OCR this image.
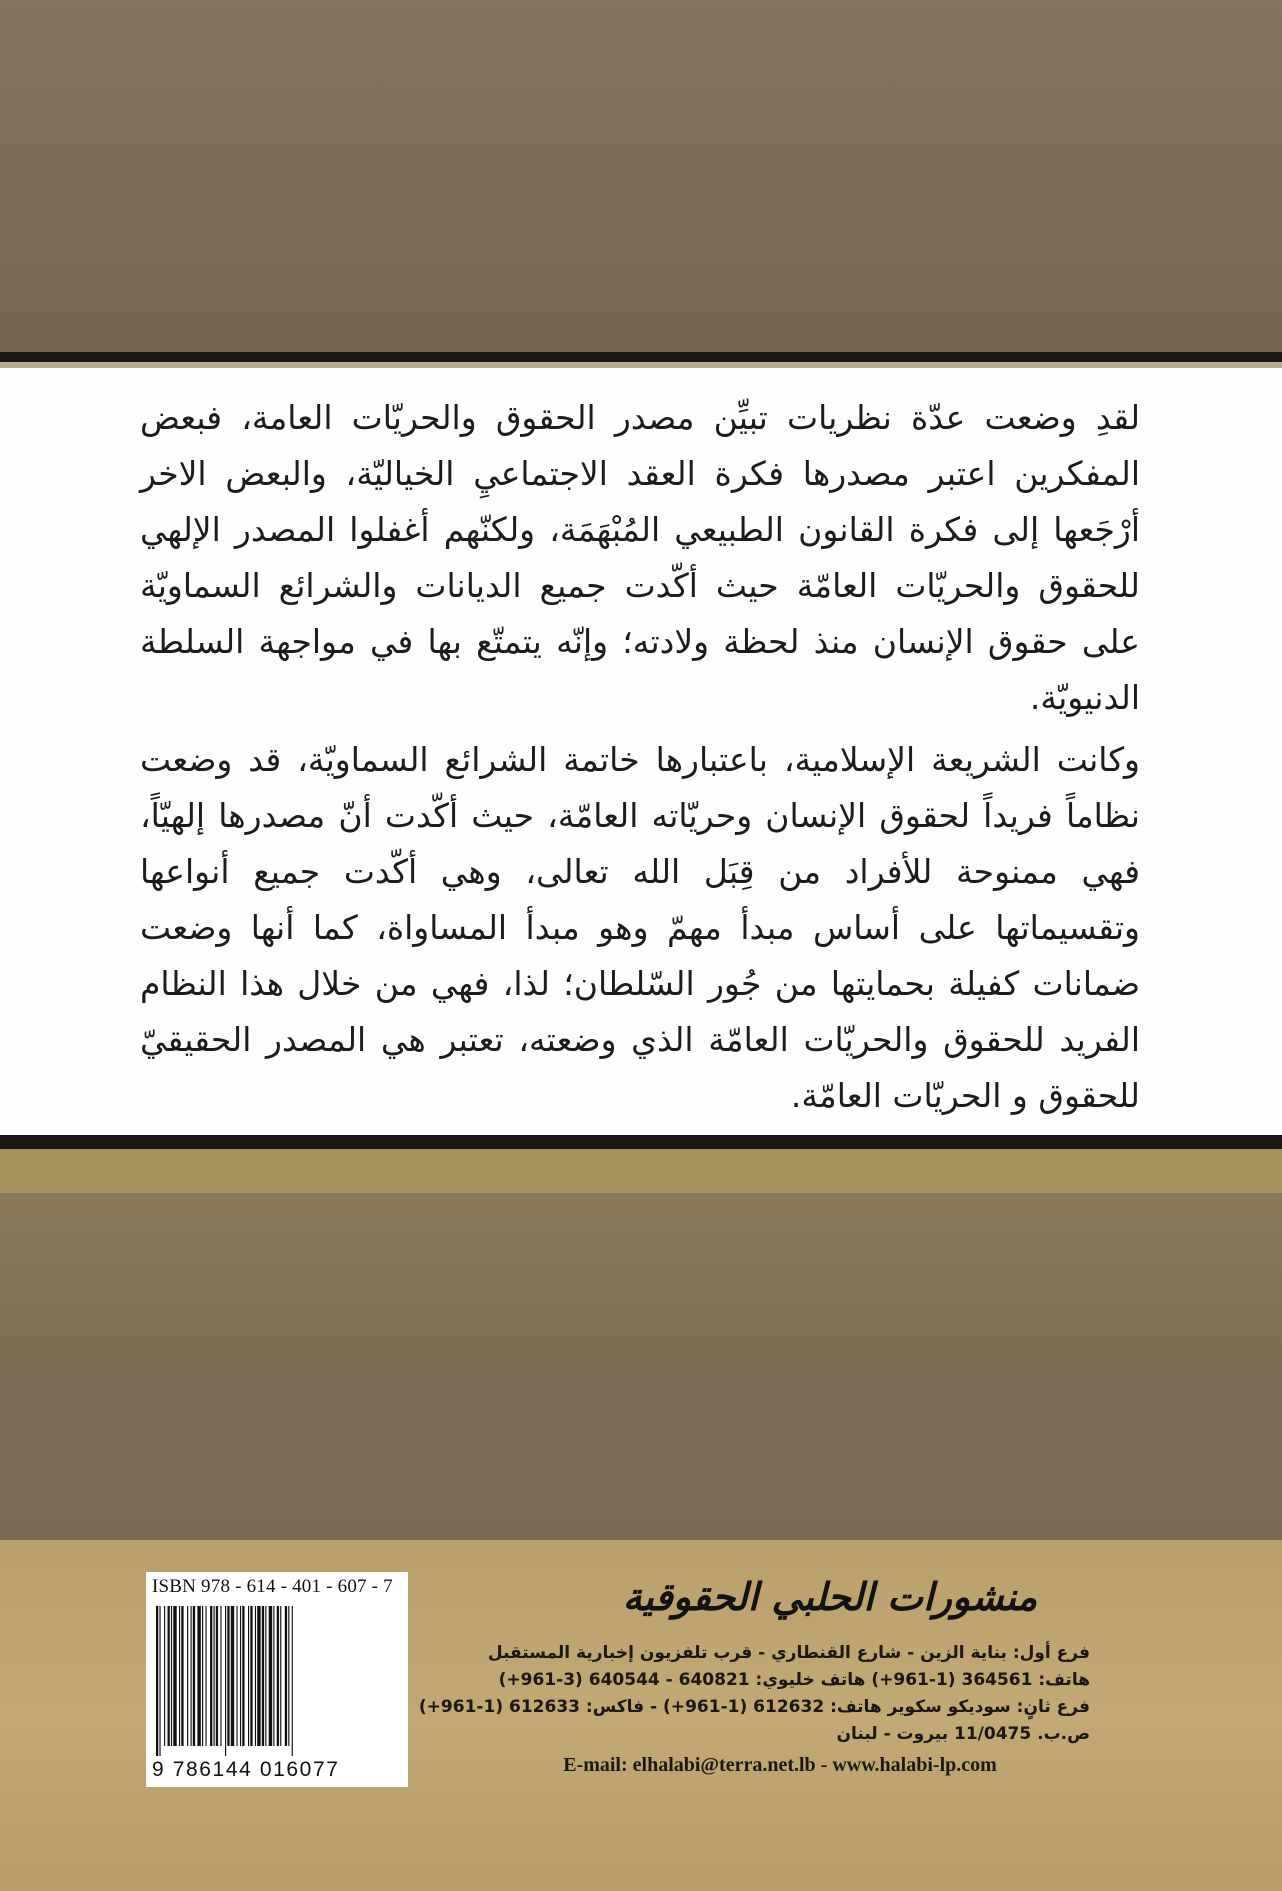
لقدِ وضعت عدّة نظريات تبيِّن مصدر الحقوق والحريّات العامة، فبعض المفكرين اعتبر مصدرها فكرة العقد الاجتماعيِ الخياليّة، والبعض الاخر أرْجَعها إلى فكرة القانون الطبيعي المُبْهَمَة، ولكنّهم أغفلوا المصدر الإلهي للحقوق والحريّات العامّة حيث أكّدت جميع الديانات والشرائع السماويّة على حقوق الإنسان منذ لحظة ولادته؛ وإنّه يتمتّع بها في مواجهة السلطة الدنيويّة.

وكانت الشريعة الإسلامية، باعتبارها خاتمة الشرائع السماويّة، قد وضعت نظاماً فريداً لحقوق الإنسان وحريّاته العامّة، حيث أكّدت أنّ مصدرها إلهيّاً، فهي ممنوحة للأفراد من قِبَل الله تعالى، وهي أكّدت جميع أنواعها وتقسيماتها على أساس مبدأ مهمّ وهو مبدأ المساواة، كما أنها وضعت ضمانات كفيلة بحمايتها من جُور السّلطان؛ لذا، فهي من خلال هذا النظام الفريد للحقوق والحريّات العامّة الذي وضعته، تعتبر هي المصدر الحقيقيّ للحقوق و الحريّات العامّة.

ISBN 978 - 614 - 401 - 607 - 7
9 786144 016077
منشورات الحلبي الحقوقية
فرع أول: بناية الزين - شارع القنطاري - قرب تلفزيون إخبارية المستقبل
هاتف: 364561 (1-961+) هاتف خليوي: 640821 - 640544 (3-961+)
فرع ثانٍ: سوديكو سكوير هاتف: 612632 (1-961+) - فاكس: 612633 (1-961+)
ص.ب. 11/0475 بيروت - لبنان
E-mail: elhalabi@terra.net.lb - www.halabi-lp.com
